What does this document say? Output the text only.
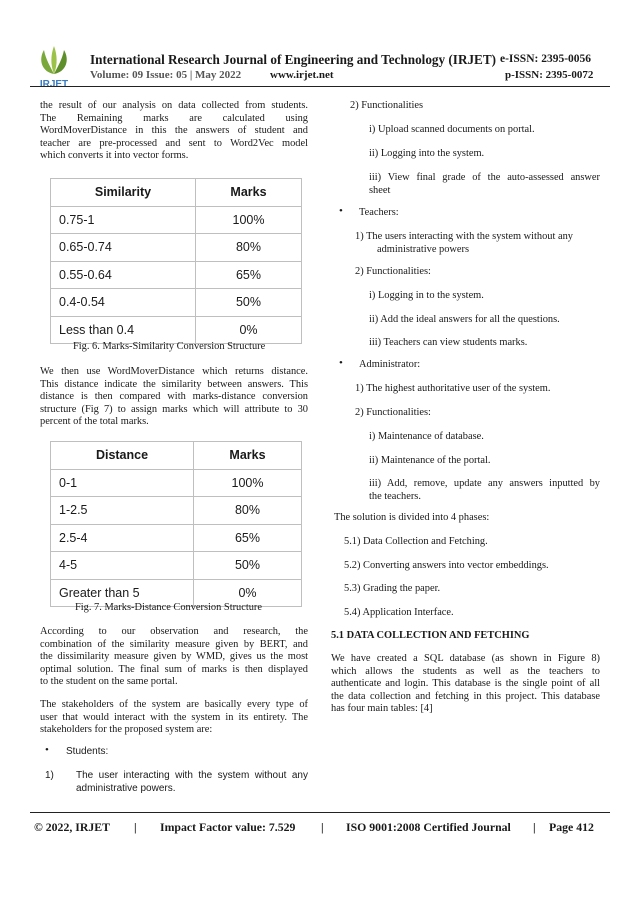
IRJET
International Research Journal of Engineering and Technology (IRJET) e-ISSN: 2395-0056
Volume: 09 Issue: 05 | May 2022	www.irjet.net	p-ISSN: 2395-0072

the result of our analysis on data collected from students.

The Remaining marks are calculated using

WordMoverDistance in this the answers of student and

teacher are pre-processed and sent to Word2Vec model

which converts it into vector forms.

Similarity	Marks
0.75-1	100%
0.65-0.74	80%
0.55-0.64	65%
0.4-0.54	50%
Less than 0.4	0%
Fig. 6. Marks-Similarity Conversion Structure

We then use WordMoverDistance which returns distance.

This distance indicate the similarity between answers. This

distance is then compared with marks-distance conversion

structure (Fig 7) to assign marks which will attribute to 30

percent of the total marks.

Distance	Marks
0-1	100%
1-2.5	80%
2.5-4	65%
4-5	50%
Greater than 5	0%
Fig. 7. Marks-Distance Conversion Structure

According to our observation and research, the

combination of the similarity measure given by BERT, and

the dissimilarity measure given by WMD, gives us the most

optimal solution. The final sum of marks is then displayed

to the student on the same portal.

The stakeholders of the system are basically every type of

user that would interact with the system in its entirety. The

stakeholders for the proposed system are:

• Students:
1) The user interacting with the system without any

administrative powers.

2) Functionalities
i) Upload scanned documents on portal.
ii) Logging into the system.

iii) View final grade of the auto-assessed answer

sheet

• Teachers:

1) The users interacting with the system without any

administrative powers

2) Functionalities:
i) Logging in to the system.
ii) Add the ideal answers for all the questions.
iii) Teachers can view students marks.
• Administrator:
1) The highest authoritative user of the system.
2) Functionalities:
i) Maintenance of database.
ii) Maintenance of the portal.

iii) Add, remove, update any answers inputted by

the teachers.

The solution is divided into 4 phases:
5.1) Data Collection and Fetching.
5.2) Converting answers into vector embeddings.
5.3) Grading the paper.
5.4) Application Interface.
5.1 DATA COLLECTION AND FETCHING

We have created a SQL database (as shown in Figure 8)

which allows the students as well as the teachers to

authenticate and login. This database is the single point of all

the data collection and fetching in this project. This database

has four main tables: [4]

© 2022, IRJET | Impact Factor value: 7.529 | ISO 9001:2008 Certified Journal | Page 412
